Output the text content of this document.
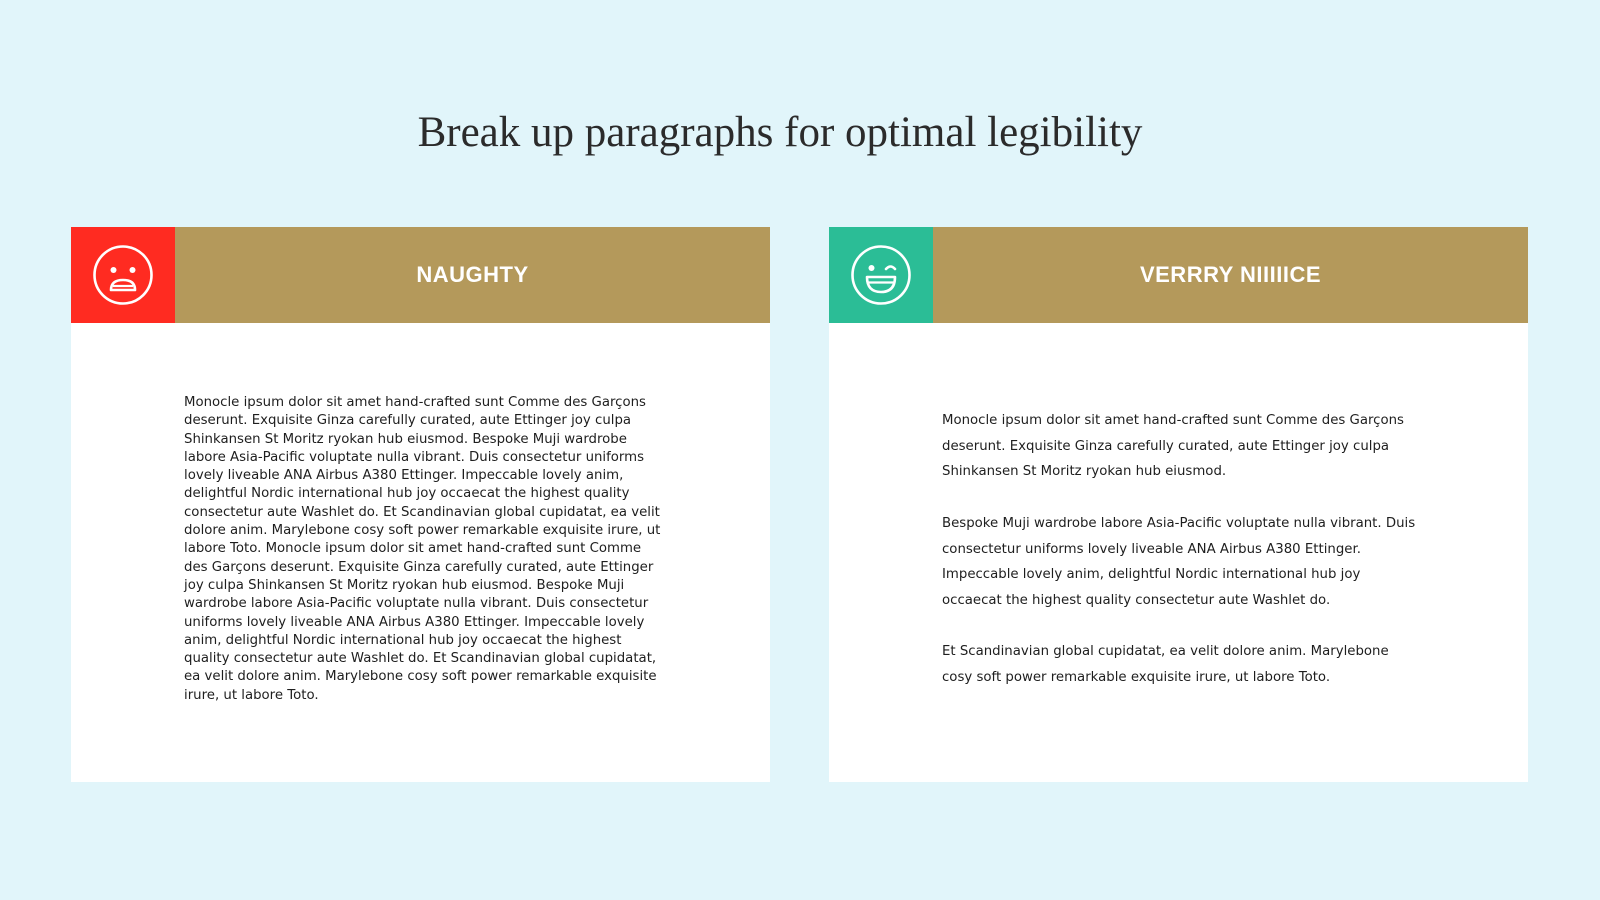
Break up paragraphs for optimal legibility
NAUGHTY

Monocle ipsum dolor sit amet hand-crafted sunt Comme des Garçons deserunt. Exquisite Ginza carefully curated, aute Ettinger joy culpa Shinkansen St Moritz ryokan hub eiusmod. Bespoke Muji wardrobe labore Asia-Pacific voluptate nulla vibrant. Duis consectetur uniforms lovely liveable ANA Airbus A380 Ettinger. Impeccable lovely anim, delightful Nordic international hub joy occaecat the highest quality consectetur aute Washlet do. Et Scandinavian global cupidatat, ea velit dolore anim. Marylebone cosy soft power remarkable exquisite irure, ut labore Toto. Monocle ipsum dolor sit amet hand-crafted sunt Comme des Garçons deserunt. Exquisite Ginza carefully curated, aute Ettinger joy culpa Shinkansen St Moritz ryokan hub eiusmod. Bespoke Muji wardrobe labore Asia-Pacific voluptate nulla vibrant. Duis consectetur uniforms lovely liveable ANA Airbus A380 Ettinger. Impeccable lovely anim, delightful Nordic international hub joy occaecat the highest quality consectetur aute Washlet do. Et Scandinavian global cupidatat, ea velit dolore anim. Marylebone cosy soft power remarkable exquisite irure, ut labore Toto.

VERRRY NIIIIICE

Monocle ipsum dolor sit amet hand-crafted sunt Comme des Garçons deserunt. Exquisite Ginza carefully curated, aute Ettinger joy culpa Shinkansen St Moritz ryokan hub eiusmod.

Bespoke Muji wardrobe labore Asia-Pacific voluptate nulla vibrant. Duis consectetur uniforms lovely liveable ANA Airbus A380 Ettinger. Impeccable lovely anim, delightful Nordic international hub joy occaecat the highest quality consectetur aute Washlet do.

Et Scandinavian global cupidatat, ea velit dolore anim. Marylebone cosy soft power remarkable exquisite irure, ut labore Toto.
